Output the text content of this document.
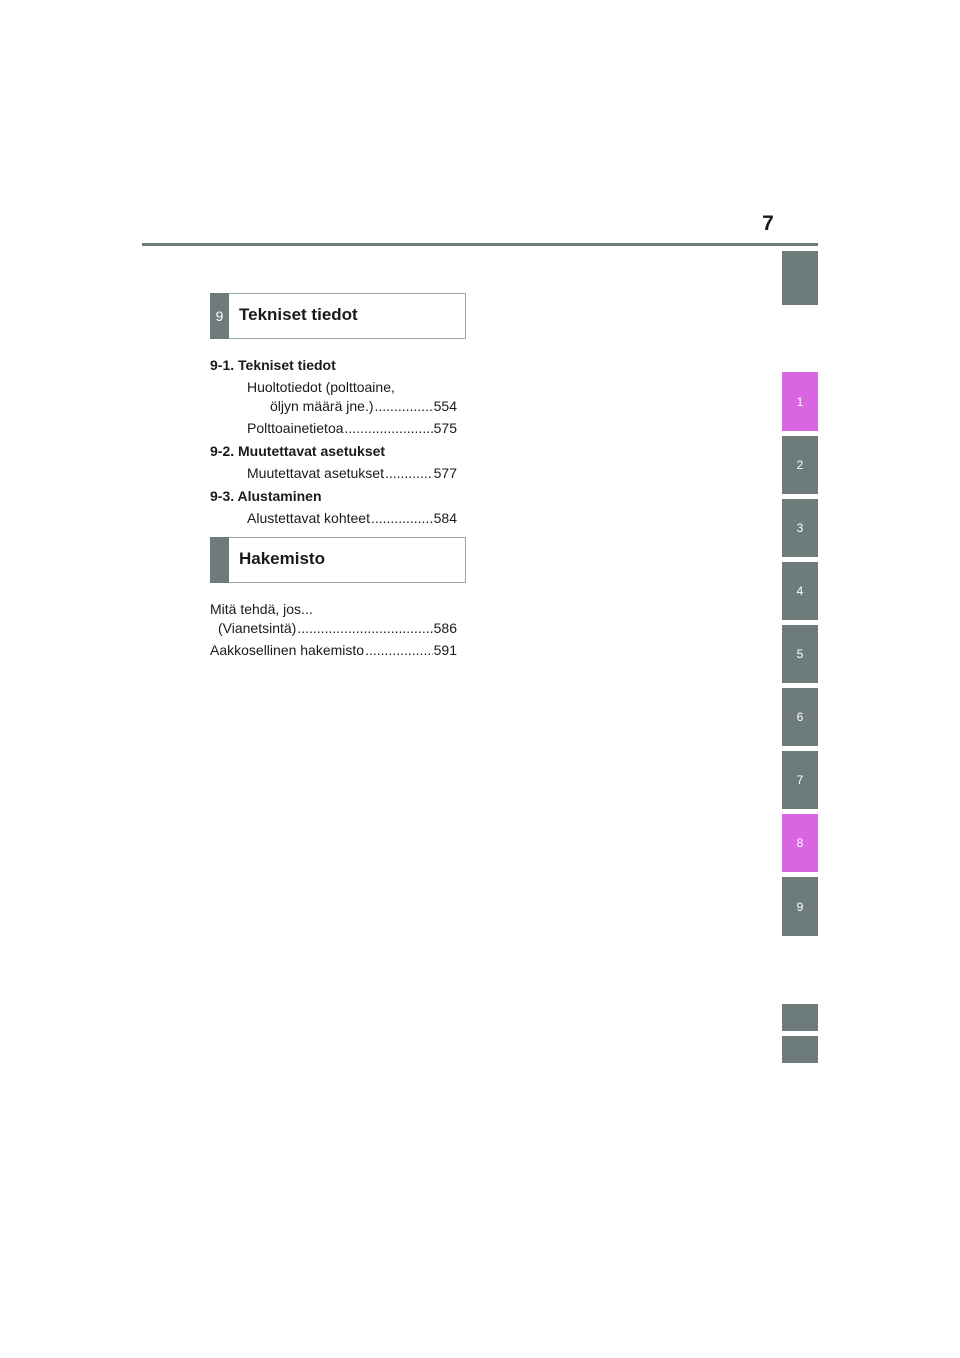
7
1
2
3
4
5
6
7
8
9
9 Tekniset tiedot
9-1. Tekniset tiedot
Huoltotiedot (polttoaine,
öljyn määrä jne.) .....	554
Polttoainetietoa .....	575
9-2. Muutettavat asetukset
Muutettavat asetukset .....	577
9-3. Alustaminen
Alustettavat kohteet .....	584
Hakemisto
Mitä tehdä, jos...
(Vianetsintä) .....	586
Aakkosellinen hakemisto .....	591
